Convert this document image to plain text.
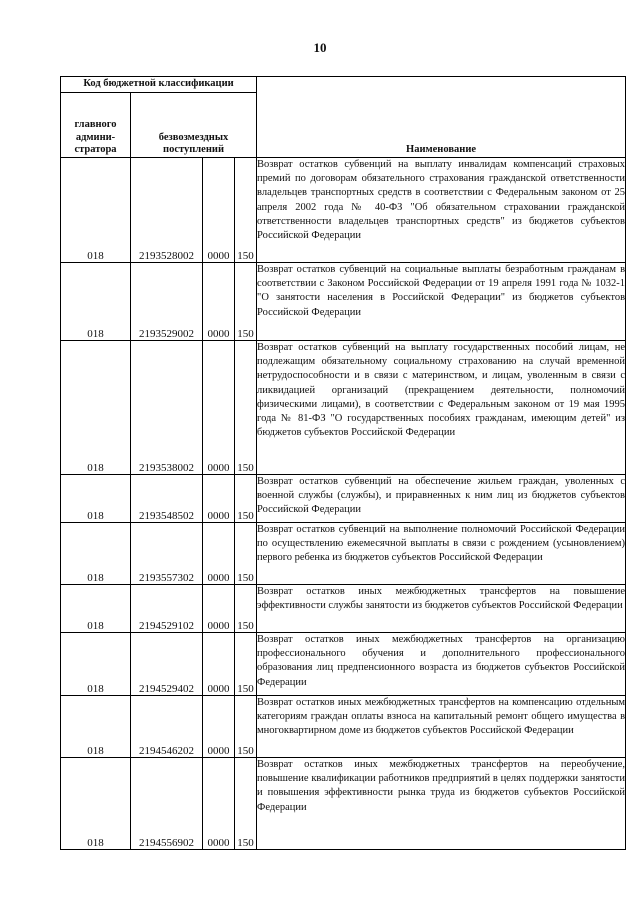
10
Код бюджетной классификации				Наименование
главного админи-стратора	безвозмездных поступлений			
018	2193528002	0000	150	Возврат остатков субвенций на выплату инвалидам компенсаций страховых премий по договорам обязательного страхования гражданской ответственности владельцев транспортных средств в соответствии с Федеральным законом от 25 апреля 2002 года № 40-ФЗ "Об обязательном страховании гражданской ответственности владельцев транспортных средств" из бюджетов субъектов Российской Федерации
018	2193529002	0000	150	Возврат остатков субвенций на социальные выплаты безработным гражданам в соответствии с Законом Российской Федерации от 19 апреля 1991 года № 1032-1 "О занятости населения в Российской Федерации" из бюджетов субъектов Российской Федерации
018	2193538002	0000	150	Возврат остатков субвенций на выплату государственных пособий лицам, не подлежащим обязательному социальному страхованию на случай временной нетрудоспособности и в связи с материнством, и лицам, уволенным в связи с ликвидацией организаций (прекращением деятельности, полномочий физическими лицами), в соответствии с Федеральным законом от 19 мая 1995 года № 81-ФЗ "О государственных пособиях гражданам, имеющим детей" из бюджетов субъектов Российской Федерации
018	2193548502	0000	150	Возврат остатков субвенций на обеспечение жильем граждан, уволенных с военной службы (службы), и приравненных к ним лиц из бюджетов субъектов Российской Федерации
018	2193557302	0000	150	Возврат остатков субвенций на выполнение полномочий Российской Федерации по осуществлению ежемесячной выплаты в связи с рождением (усыновлением) первого ребенка из бюджетов субъектов Российской Федерации
018	2194529102	0000	150	Возврат остатков иных межбюджетных трансфертов на повышение эффективности службы занятости из бюджетов субъектов Российской Федерации
018	2194529402	0000	150	Возврат остатков иных межбюджетных трансфертов на организацию профессионального обучения и дополнительного профессионального образования лиц предпенсионного возраста из бюджетов субъектов Российской Федерации
018	2194546202	0000	150	Возврат остатков иных межбюджетных трансфертов на компенсацию отдельным категориям граждан оплаты взноса на капитальный ремонт общего имущества в многоквартирном доме из бюджетов субъектов Российской Федерации
018	2194556902	0000	150	Возврат остатков иных межбюджетных трансфертов на переобучение, повышение квалификации работников предприятий в целях поддержки занятости и повышения эффективности рынка труда из бюджетов субъектов Российской Федерации
